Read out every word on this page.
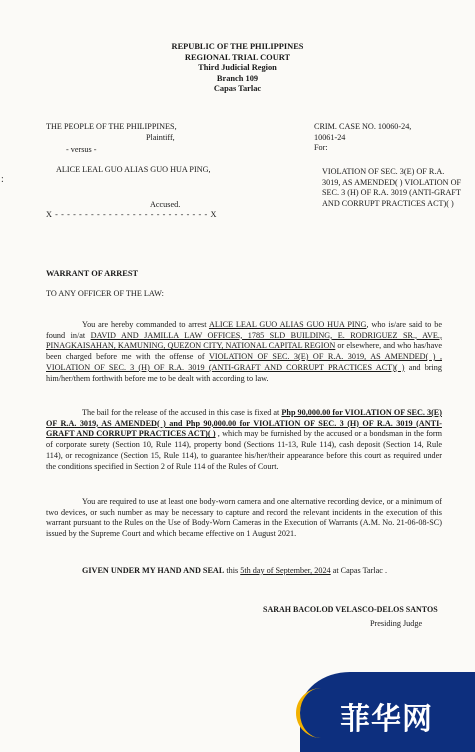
REPUBLIC OF THE PHILIPPINES
REGIONAL TRIAL COURT
Third Judicial Region
Branch 109
Capas Tarlac
:
THE PEOPLE OF THE PHILIPPINES,
Plaintiff,
- versus -
ALICE LEAL GUO ALIAS GUO HUA PING,
Accused.
X - - - - - - - - - - - - - - - - - - - - - - - - - - X
CRIM. CASE NO. 10060-24,
10061-24
For:
VIOLATION OF SEC. 3(E) OF R.A. 3019, AS AMENDED( ) VIOLATION OF SEC. 3 (H) OF R.A. 3019 (ANTI-GRAFT AND CORRUPT PRACTICES ACT)( )
WARRANT OF ARREST
TO ANY OFFICER OF THE LAW:
You are hereby commanded to arrest ALICE LEAL GUO ALIAS GUO HUA PING, who is/are said to be found in/at DAVID AND JAMILLA LAW OFFICES, 1785 SLD BUILDING, E. RODRIGUEZ SR., AVE., PINAGKAISAHAN, KAMUNING, QUEZON CITY, NATIONAL CAPITAL REGION or elsewhere, and who has/have been charged before me with the offense of VIOLATION OF SEC. 3(E) OF R.A. 3019, AS AMENDED( ) , VIOLATION OF SEC. 3 (H) OF R.A. 3019 (ANTI-GRAFT AND CORRUPT PRACTICES ACT)( ) and bring him/her/them forthwith before me to be dealt with according to law.
The bail for the release of the accused in this case is fixed at Php 90,000.00 for VIOLATION OF SEC. 3(E) OF R.A. 3019, AS AMENDED( ) and Php 90,000.00 for VIOLATION OF SEC. 3 (H) OF R.A. 3019 (ANTI-GRAFT AND CORRUPT PRACTICES ACT)( ) , which may be furnished by the accused or a bondsman in the form of corporate surety (Section 10, Rule 114), property bond (Sections 11-13, Rule 114), cash deposit (Section 14, Rule 114), or recognizance (Section 15, Rule 114), to guarantee his/her/their appearance before this court as required under the conditions specified in Section 2 of Rule 114 of the Rules of Court.
You are required to use at least one body-worn camera and one alternative recording device, or a minimum of two devices, or such number as may be necessary to capture and record the relevant incidents in the execution of this warrant pursuant to the Rules on the Use of Body-Worn Cameras in the Execution of Warrants (A.M. No. 21-06-08-SC) issued by the Supreme Court and which became effective on 1 August 2021.
GIVEN UNDER MY HAND AND SEAL this 5th day of September, 2024 at Capas Tarlac .
SARAH BACOLOD VELASCO-DELOS SANTOS
Presiding Judge
菲华网
